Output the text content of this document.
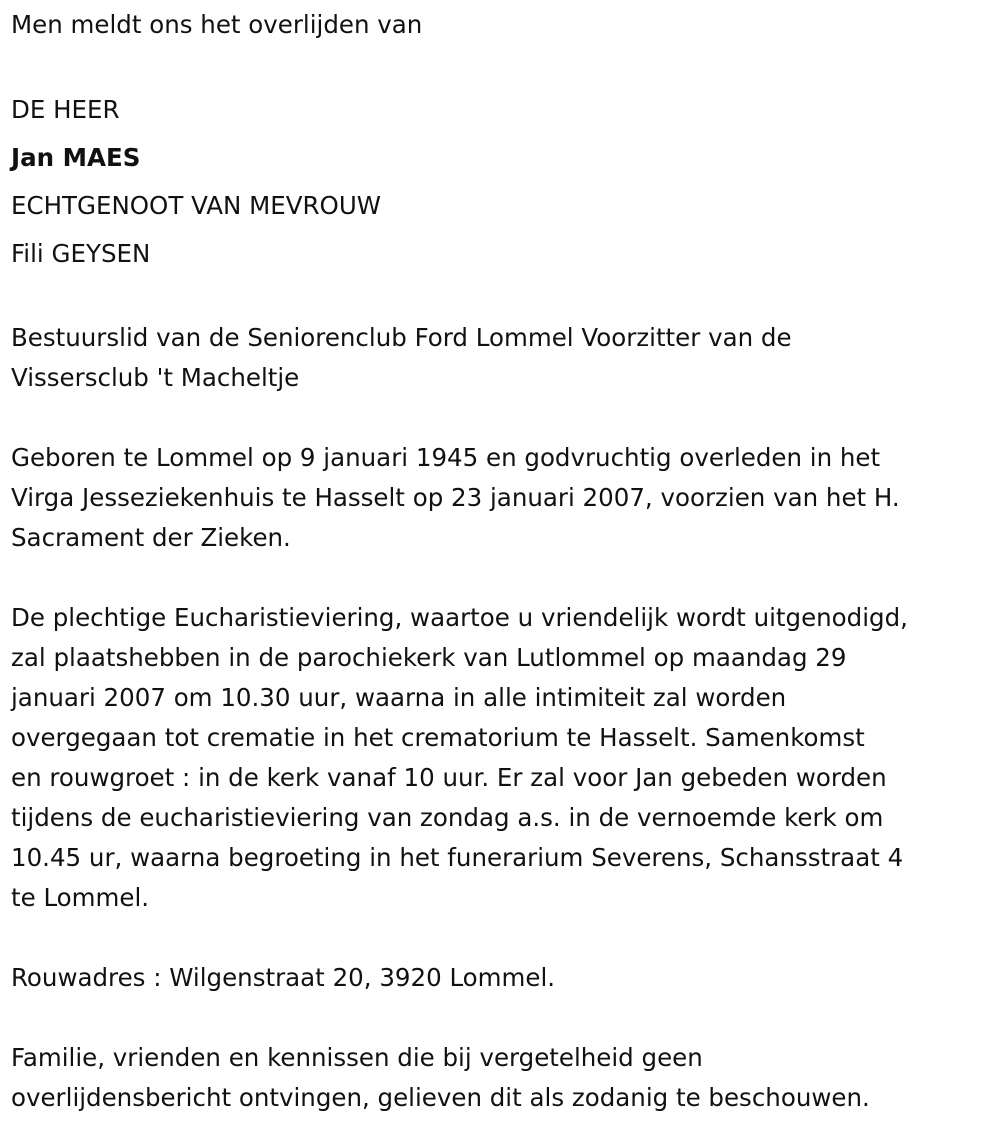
Men meldt ons het overlijden van

DE HEER

Jan MAES

ECHTGENOOT VAN MEVROUW

Fili GEYSEN

Bestuurslid van de Seniorenclub Ford Lommel Voorzitter van de

Vissersclub 't Macheltje

Geboren te Lommel op 9 januari 1945 en godvruchtig overleden in het

Virga Jesseziekenhuis te Hasselt op 23 januari 2007, voorzien van het H.

Sacrament der Zieken.

De plechtige Eucharistieviering, waartoe u vriendelijk wordt uitgenodigd,

zal plaatshebben in de parochiekerk van Lutlommel op maandag 29

januari 2007 om 10.30 uur, waarna in alle intimiteit zal worden

overgegaan tot crematie in het crematorium te Hasselt. Samenkomst

en rouwgroet : in de kerk vanaf 10 uur. Er zal voor Jan gebeden worden

tijdens de eucharistieviering van zondag a.s. in de vernoemde kerk om

10.45 ur, waarna begroeting in het funerarium Severens, Schansstraat 4

te Lommel.

Rouwadres : Wilgenstraat 20, 3920 Lommel.

Familie, vrienden en kennissen die bij vergetelheid geen

overlijdensbericht ontvingen, gelieven dit als zodanig te beschouwen.
